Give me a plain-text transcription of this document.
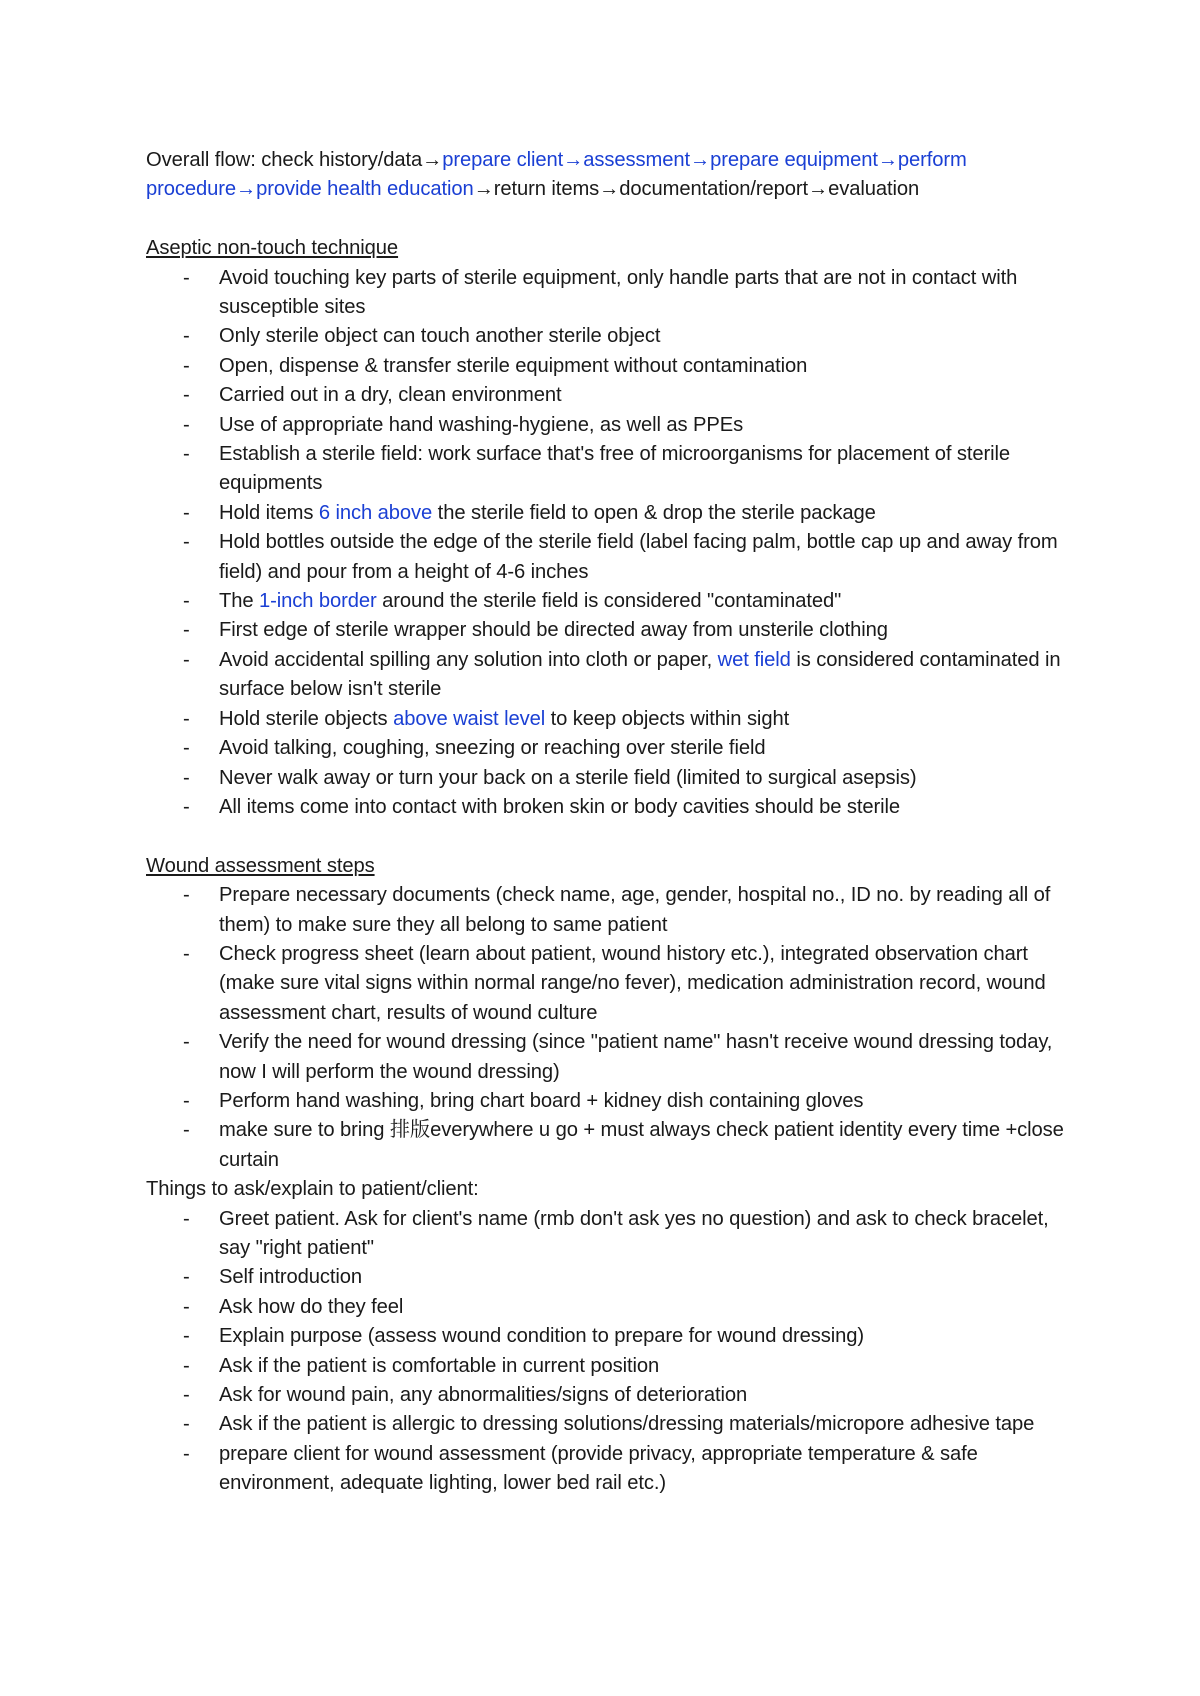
Overall flow: check history/data→prepare client→assessment→prepare equipment→perform procedure→provide health education→return items→documentation/report→evaluation

Aseptic non-touch technique

- Avoid touching key parts of sterile equipment, only handle parts that are not in contact with susceptible sites
- Only sterile object can touch another sterile object
- Open, dispense & transfer sterile equipment without contamination
- Carried out in a dry, clean environment
- Use of appropriate hand washing-hygiene, as well as PPEs
- Establish a sterile field: work surface that's free of microorganisms for placement of sterile equipments
- Hold items 6 inch above the sterile field to open & drop the sterile package
- Hold bottles outside the edge of the sterile field (label facing palm, bottle cap up and away from field) and pour from a height of 4-6 inches
- The 1-inch border around the sterile field is considered "contaminated"
- First edge of sterile wrapper should be directed away from unsterile clothing
- Avoid accidental spilling any solution into cloth or paper, wet field is considered contaminated in surface below isn't sterile
- Hold sterile objects above waist level to keep objects within sight
- Avoid talking, coughing, sneezing or reaching over sterile field
- Never walk away or turn your back on a sterile field (limited to surgical asepsis)
- All items come into contact with broken skin or body cavities should be sterile

Wound assessment steps

- Prepare necessary documents (check name, age, gender, hospital no., ID no. by reading all of them) to make sure they all belong to same patient
- Check progress sheet (learn about patient, wound history etc.), integrated observation chart (make sure vital signs within normal range/no fever), medication administration record, wound assessment chart, results of wound culture
- Verify the need for wound dressing (since "patient name" hasn't receive wound dressing today, now I will perform the wound dressing)
- Perform hand washing, bring chart board + kidney dish containing gloves
- make sure to bring 排版everywhere u go + must always check patient identity every time +close curtain

Things to ask/explain to patient/client:

- Greet patient. Ask for client's name (rmb don't ask yes no question) and ask to check bracelet, say "right patient"
- Self introduction
- Ask how do they feel
- Explain purpose (assess wound condition to prepare for wound dressing)
- Ask if the patient is comfortable in current position
- Ask for wound pain, any abnormalities/signs of deterioration
- Ask if the patient is allergic to dressing solutions/dressing materials/micropore adhesive tape
- prepare client for wound assessment (provide privacy, appropriate temperature & safe environment, adequate lighting, lower bed rail etc.)
